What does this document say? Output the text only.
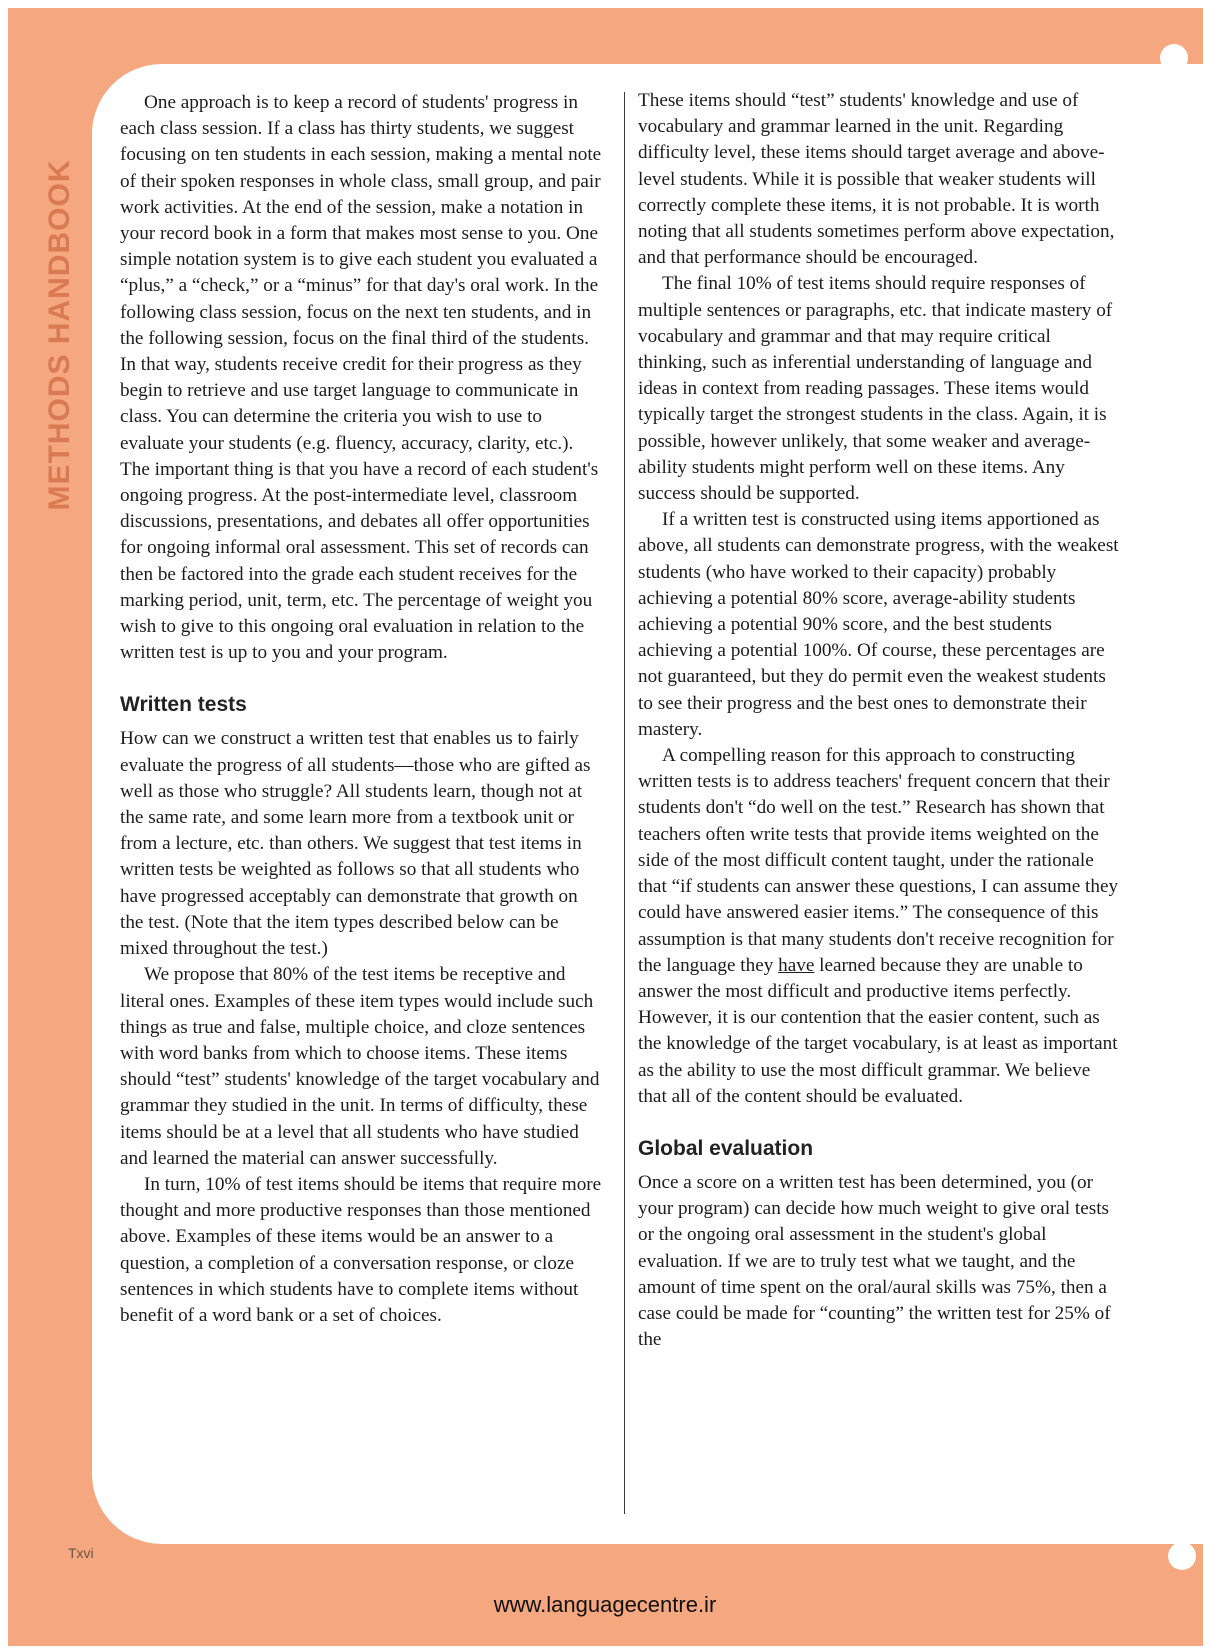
METHODS HANDBOOK

One approach is to keep a record of students' progress in each class session. If a class has thirty students, we suggest focusing on ten students in each session, making a mental note of their spoken responses in whole class, small group, and pair work activities. At the end of the session, make a notation in your record book in a form that makes most sense to you. One simple notation system is to give each student you evaluated a “plus,” a “check,” or a “minus” for that day's oral work. In the following class session, focus on the next ten students, and in the following session, focus on the final third of the students. In that way, students receive credit for their progress as they begin to retrieve and use target language to communicate in class. You can determine the criteria you wish to use to evaluate your students (e.g. fluency, accuracy, clarity, etc.). The important thing is that you have a record of each student's ongoing progress. At the post-intermediate level, classroom discussions, presentations, and debates all offer opportunities for ongoing informal oral assessment. This set of records can then be factored into the grade each student receives for the marking period, unit, term, etc. The percentage of weight you wish to give to this ongoing oral evaluation in relation to the written test is up to you and your program.

Written tests

How can we construct a written test that enables us to fairly evaluate the progress of all students—those who are gifted as well as those who struggle? All students learn, though not at the same rate, and some learn more from a textbook unit or from a lecture, etc. than others. We suggest that test items in written tests be weighted as follows so that all students who have progressed acceptably can demonstrate that growth on the test. (Note that the item types described below can be mixed throughout the test.)

We propose that 80% of the test items be receptive and literal ones. Examples of these item types would include such things as true and false, multiple choice, and cloze sentences with word banks from which to choose items. These items should “test” students' knowledge of the target vocabulary and grammar they studied in the unit. In terms of difficulty, these items should be at a level that all students who have studied and learned the material can answer successfully.

In turn, 10% of test items should be items that require more thought and more productive responses than those mentioned above. Examples of these items would be an answer to a question, a completion of a conversation response, or cloze sentences in which students have to complete items without benefit of a word bank or a set of choices.

These items should “test” students' knowledge and use of vocabulary and grammar learned in the unit. Regarding difficulty level, these items should target average and above-level students. While it is possible that weaker students will correctly complete these items, it is not probable. It is worth noting that all students sometimes perform above expectation, and that performance should be encouraged.

The final 10% of test items should require responses of multiple sentences or paragraphs, etc. that indicate mastery of vocabulary and grammar and that may require critical thinking, such as inferential understanding of language and ideas in context from reading passages. These items would typically target the strongest students in the class. Again, it is possible, however unlikely, that some weaker and average-ability students might perform well on these items. Any success should be supported.

If a written test is constructed using items apportioned as above, all students can demonstrate progress, with the weakest students (who have worked to their capacity) probably achieving a potential 80% score, average-ability students achieving a potential 90% score, and the best students achieving a potential 100%. Of course, these percentages are not guaranteed, but they do permit even the weakest students to see their progress and the best ones to demonstrate their mastery.

A compelling reason for this approach to constructing written tests is to address teachers' frequent concern that their students don't “do well on the test.” Research has shown that teachers often write tests that provide items weighted on the side of the most difficult content taught, under the rationale that “if students can answer these questions, I can assume they could have answered easier items.” The consequence of this assumption is that many students don't receive recognition for the language they have learned because they are unable to answer the most difficult and productive items perfectly. However, it is our contention that the easier content, such as the knowledge of the target vocabulary, is at least as important as the ability to use the most difficult grammar. We believe that all of the content should be evaluated.

Global evaluation

Once a score on a written test has been determined, you (or your program) can decide how much weight to give oral tests or the ongoing oral assessment in the student's global evaluation. If we are to truly test what we taught, and the amount of time spent on the oral/aural skills was 75%, then a case could be made for “counting” the written test for 25% of the

Txvi
www.languagecentre.ir
